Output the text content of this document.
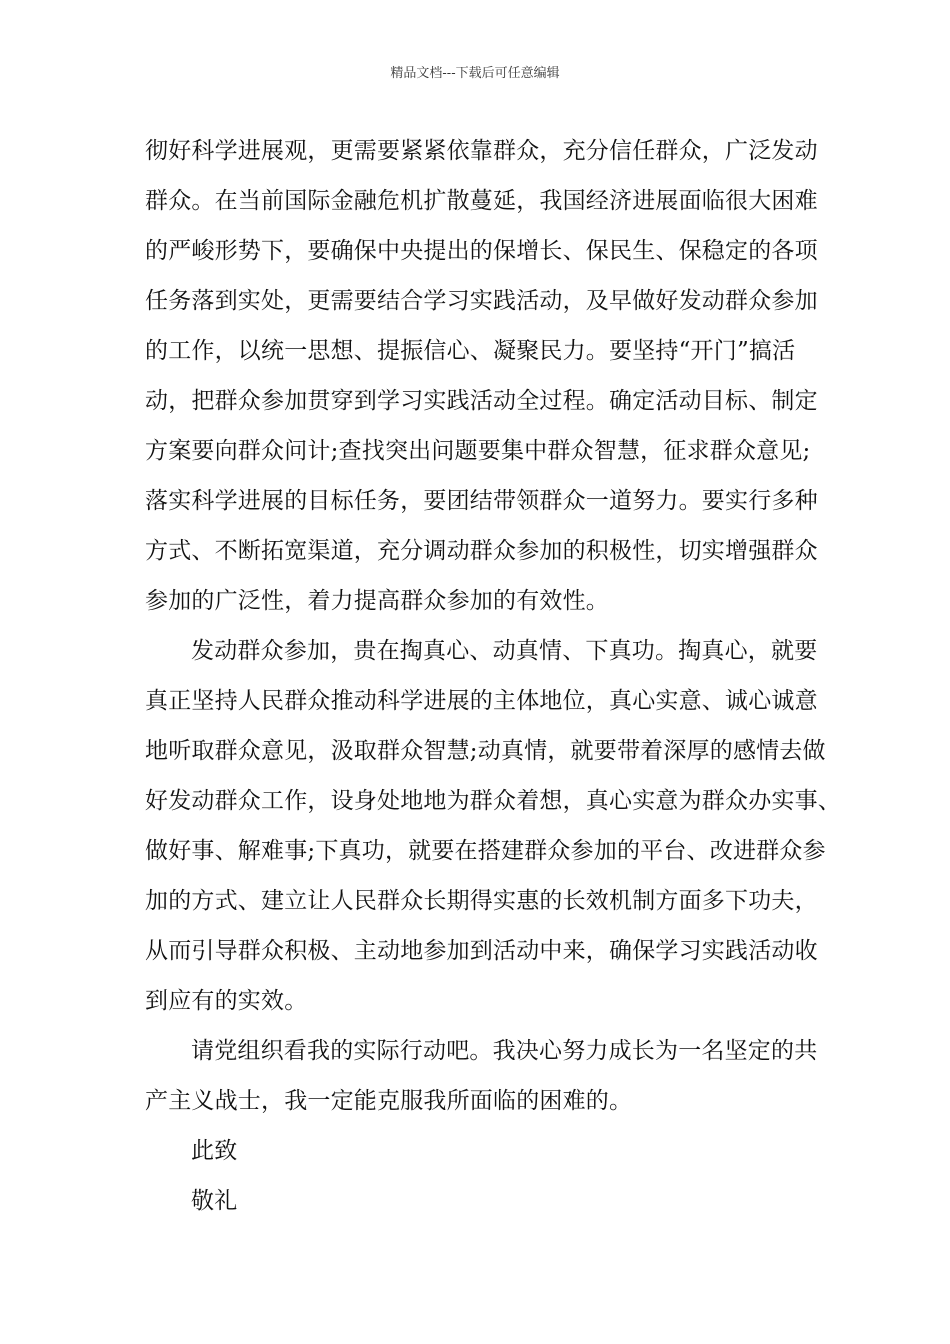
精品文档---下载后可任意编辑
彻好科学进展观，更需要紧紧依靠群众，充分信任群众，广泛发动
群众。在当前国际金融危机扩散蔓延，我国经济进展面临很大困难
的严峻形势下，要确保中央提出的保增长、保民生、保稳定的各项
任务落到实处，更需要结合学习实践活动，及早做好发动群众参加
的工作，以统一思想、提振信心、凝聚民力。要坚持“开门”搞活
动，把群众参加贯穿到学习实践活动全过程。确定活动目标、制定
方案要向群众问计;查找突出问题要集中群众智慧，征求群众意见;
落实科学进展的目标任务，要团结带领群众一道努力。要实行多种
方式、不断拓宽渠道，充分调动群众参加的积极性，切实增强群众
参加的广泛性，着力提高群众参加的有效性。
发动群众参加，贵在掏真心、动真情、下真功。掏真心，就要
真正坚持人民群众推动科学进展的主体地位，真心实意、诚心诚意
地听取群众意见，汲取群众智慧;动真情，就要带着深厚的感情去做
好发动群众工作，设身处地地为群众着想，真心实意为群众办实事、
做好事、解难事;下真功，就要在搭建群众参加的平台、改进群众参
加的方式、建立让人民群众长期得实惠的长效机制方面多下功夫，
从而引导群众积极、主动地参加到活动中来，确保学习实践活动收
到应有的实效。
请党组织看我的实际行动吧。我决心努力成长为一名坚定的共
产主义战士，我一定能克服我所面临的困难的。
此致
敬礼
